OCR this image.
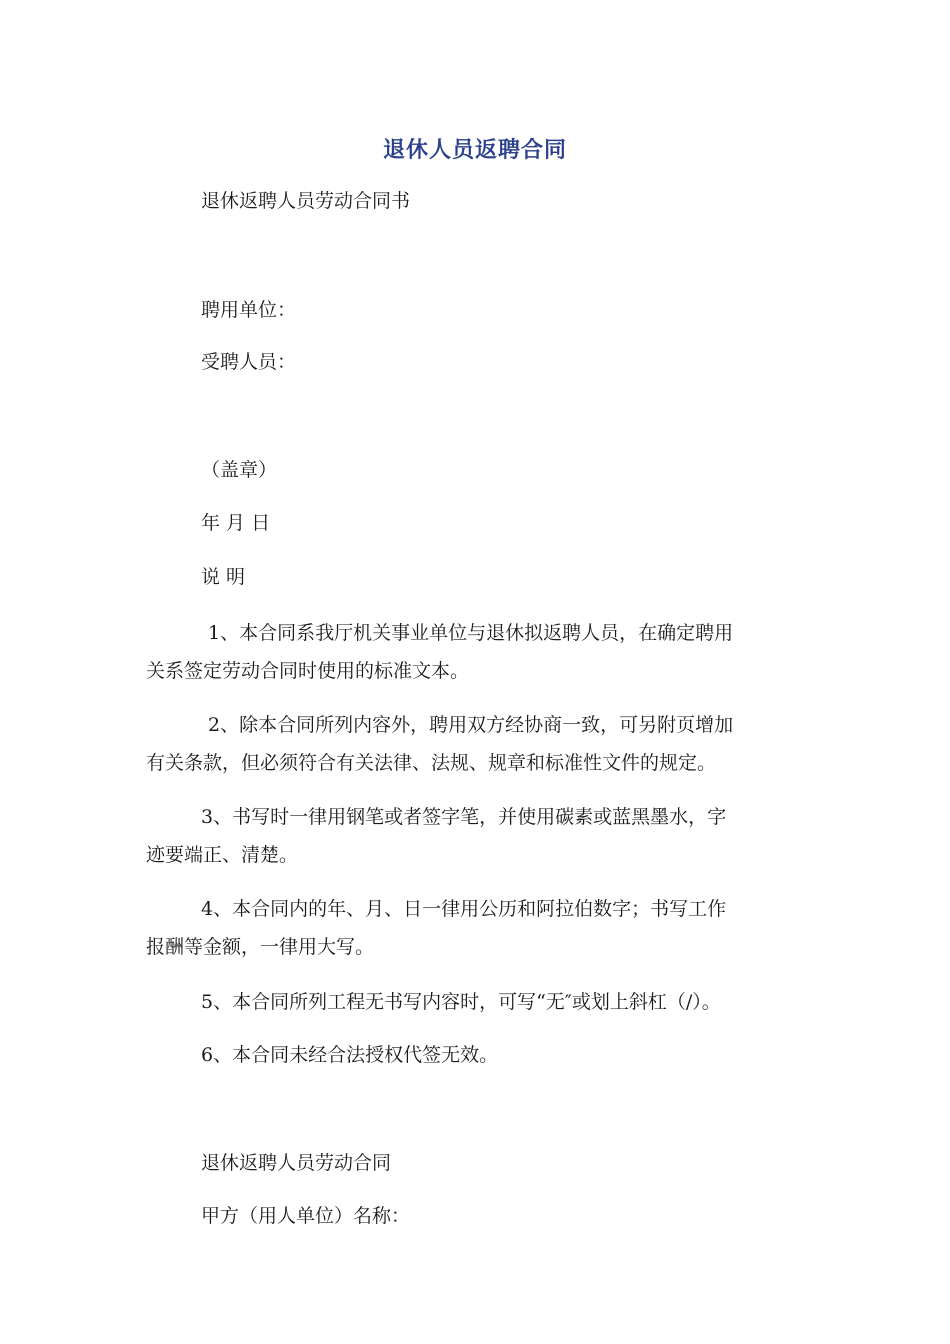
退休人员返聘合同

退休返聘人员劳动合同书

聘用单位：

受聘人员：

（盖章）

年 月 日

说 明

1、本合同系我厅机关事业单位与退休拟返聘人员，在确定聘用
关系签定劳动合同时使用的标准文本。
2、除本合同所列内容外，聘用双方经协商一致，可另附页增加
有关条款，但必须符合有关法律、法规、规章和标准性文件的规定。
3、书写时一律用钢笔或者签字笔，并使用碳素或蓝黑墨水，字
迹要端正、清楚。
4、本合同内的年、月、日一律用公历和阿拉伯数字；书写工作
报酬等金额，一律用大写。

5、本合同所列工程无书写内容时，可写“无″或划上斜杠（/）。

6、本合同未经合法授权代签无效。

退休返聘人员劳动合同

甲方（用人单位）名称：
